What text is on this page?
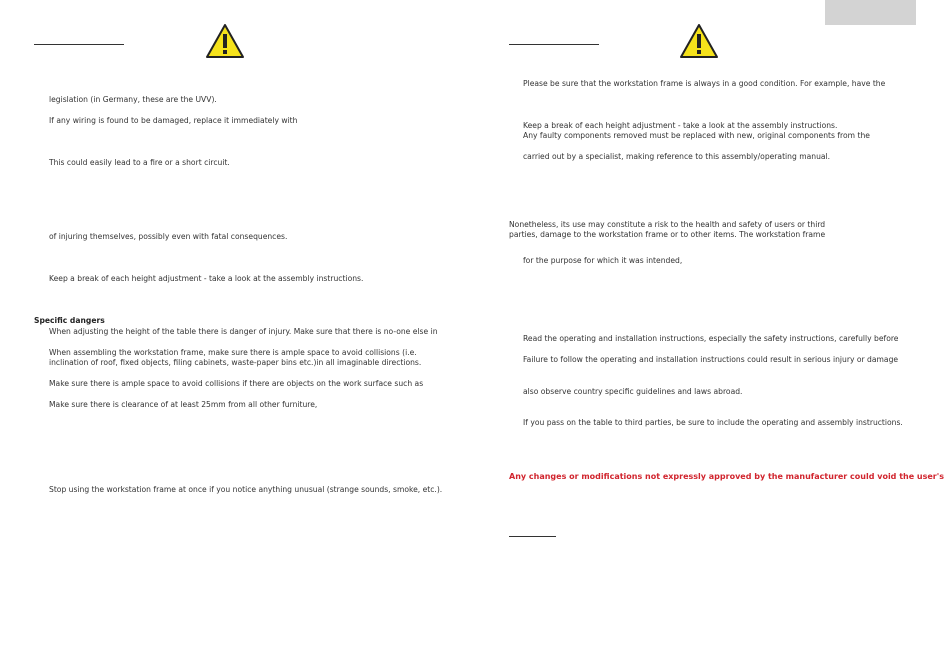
legislation (in Germany, these are the UVV).
If any wiring is found to be damaged, replace it immediately with
This could easily lead to a fire or a short circuit.
of injuring themselves, possibly even with fatal consequences.
Keep a break of each height adjustment - take a look at the assembly instructions.
Specific dangers
When adjusting the height of the table there is danger of injury. Make sure that there is no-one else in
When assembling the workstation frame, make sure there is ample space to avoid collisions (i.e.
inclination of roof, fixed objects, filing cabinets, waste-paper bins etc.)in all imaginable directions.
Make sure there is ample space to avoid collisions if there are objects on the work surface such as
Make sure there is clearance of at least 25mm from all other furniture,
Stop using the workstation frame at once if you notice anything unusual (strange sounds, smoke, etc.).
Please be sure that the workstation frame is always in a good condition. For example, have the
Keep a break of each height adjustment - take a look at the assembly instructions.
Any faulty components removed must be replaced with new, original components from the
carried out by a specialist, making reference to this assembly/operating manual.
Nonetheless, its use may constitute a risk to the health and safety of users or third
parties, damage to the workstation frame or to other items. The workstation frame
for the purpose for which it was intended,
Read the operating and installation instructions, especially the safety instructions, carefully before
Failure to follow the operating and installation instructions could result in serious injury or damage
also observe country specific guidelines and laws abroad.
If you pass on the table to third parties, be sure to include the operating and assembly instructions.
Any changes or modifications not expressly approved by the manufacturer could void the user's
